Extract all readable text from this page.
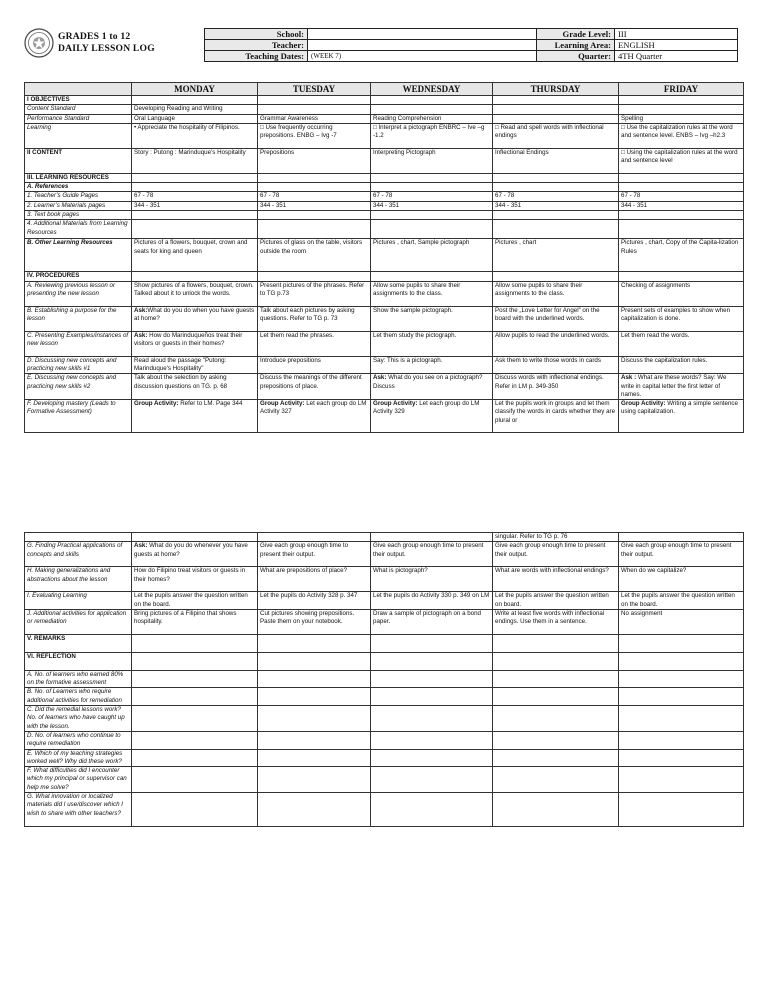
GRADES 1 to 12
DAILY LESSON LOG
School:		Grade Level:	III
Teacher:		Learning Area:	ENGLISH
Teaching Dates:	(WEEK 7)	Quarter:	4TH Quarter
	MONDAY	TUESDAY	WEDNESDAY	THURSDAY	FRIDAY
I OBJECTIVES					
Content Standard	Developing Reading and Writing				
Performance Standard	Oral Language	Grammar Awareness	Reading Comprehension		Spelling
Learning	• Appreciate the hospitality of Filipinos.	□ Use frequently occurring prepositions. ENBG – Ivg -7	□ Interpret a pictograph ENBRC – Ive –g -1.2	□ Read and spell words with inflectional endings	□ Use the capitalization rules at the word and sentence level. ENBS – Ivg –h2.3
II CONTENT	Story : Putong : Marinduque’s Hospitality	Prepositions	Interpreting Pictograph	Inflectional Endings	□ Using the capitalization rules at the word and sentence level
III. LEARNING RESOURCES					
A. References					
1. Teacher’s Guide Pages	67 - 78	67 - 78	67 - 78	67 - 78	67 - 78
2. Learner’s Materials pages	344 - 351	344 - 351	344 - 351	344 - 351	344 - 351
3. Text book pages					
4. Additional Materials from Learning Resources					
B. Other Learning Resources	Pictures of a flowers, bouquet, crown and seats for king and queen	Pictures of glass on the table, visitors outside the room	Pictures , chart, Sample pictograph	Pictures , chart	Pictures , chart, Copy of the Capita-lization Rules
IV. PROCEDURES					
A. Reviewing previous lesson or presenting the new lesson	Show pictures of a flowers, bouquet, crown. Talked about it to unlock the words.	Present pictures of the phrases. Refer to TG p.73	Allow some pupils to share their assignments to the class.	Allow some pupils to share their assignments to the class.	Checking of assignments
B. Establishing a purpose for the lesson	Ask:What do you do when you have guests at home?	Talk about each pictures by asking questions. Refer to TG p. 73	Show the sample pictograph.	Post the „Love Letter for Angel“ on the board with the underlined words.	Present sets of examples to show when capitalization is done.
C. Presenting Examples/instances of new lesson	Ask: How do Marinduqueños treat their visitors or guests in their homes?	Let them read the phrases.	Let them study the pictograph.	Allow pupils to read the underlined words.	Let them read the words.
D. Discussing new concepts and practicing new skills #1	Read aloud the passage "Putong: Marinduque's Hospitality"	Introduce prepositions	Say: This is a pictograph.	Ask them to write those words in cards	Discuss the capitalization rules.
E. Discussing new concepts and practicing new skills #2	Talk about the selection by asking discussion questions on TG. p. 68	Discuss the meanings of the different prepositions of place.	Ask: What do you see on a pictograph? Discuss	Discuss words with inflectional endings. Refer in LM p. 349-350	Ask : What are these words? Say: We write in capital letter the first letter of names.
F. Developing mastery (Leads to Formative Assessment)	Group Activity: Refer to LM. Page 344	Group Activity: Let each group do LM Activity 327	Group Activity: Let each group do LM Activity 329	Let the pupils work in groups and let them classify the words in cards whether they are plural or	Group Activity: Writing a simple sentence using capitalization.
				singular. Refer to TG p. 76	
G. Finding Practical applications of concepts and skills	Ask: What do you do whenever you have guests at home?	Give each group enough time to present their output.	Give each group enough time to present their output.	Give each group enough time to present their output.	Give each group enough time to present their output.
H. Making generalizations and abstractions about the lesson	How do Filipino treat visitors or guests in their homes?	What are prepositions of place?	What is pictograph?	What are words with inflectional endings?	When do we capitalize?
I. Evaluating Learning	Let the pupils answer the question written on the board.	Let the pupils do Activity 328 p. 347	Let the pupils do Activity 330 p. 349 on LM	Let the pupils answer the question written on board.	Let the pupils answer the question written on the board.
J. Additional activities for application or remediation	Bring pictures of a Filipino that shows hospitality.	Cut pictures showing prepositions. Paste them on your notebook.	Draw a sample of pictograph on a bond paper.	Write at least five words with inflectional endings. Use them in a sentence.	No assignment
V. REMARKS					
VI. REFLECTION					
A. No. of learners who earned 80% on the formative assessment					
B. No. of Learners who require additional activities for remediation					
C. Did the remedial lessons work? No. of learners who have caught up with the lesson.					
D. No. of learners who continue to require remediation					
E. Which of my teaching strategies worked well? Why did these work?					
F. What difficulties did I encounter which my principal or supervisor can help me solve?					
G. What innovation or localized materials did I use/discover which I wish to share with other teachers?					
